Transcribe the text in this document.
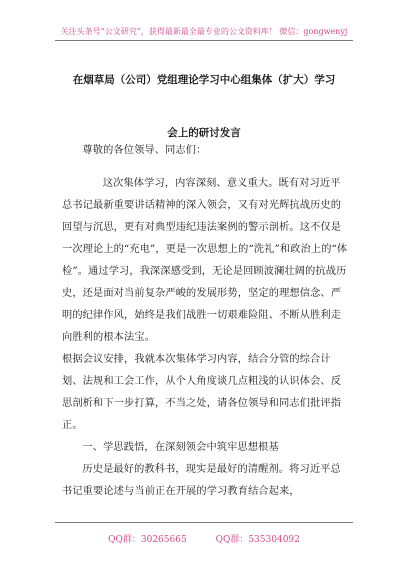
关注头条号“公文研究”，获得最新最全最专业的公文资料库！ 微信：gongwenyj
在烟草局（公司）党组理论学习中心组集体（扩大）学习
会上的研讨发言

尊敬的各位领导、同志们：

这次集体学习，内容深刻、意义重大。既有对习近平总书记最新重要讲话精神的深入领会，又有对光辉抗战历史的回望与沉思，更有对典型违纪违法案例的警示剖析。这不仅是一次理论上的“充电”，更是一次思想上的“洗礼”和政治上的“体检”。通过学习，我深深感受到，无论是回顾波澜壮阔的抗战历史，还是面对当前复杂严峻的发展形势，坚定的理想信念、严明的纪律作风，始终是我们战胜一切艰难险阻、不断从胜利走向胜利的根本法宝。

根据会议安排，我就本次集体学习内容，结合分管的综合计划、法规和工会工作，从个人角度谈几点粗浅的认识体会、反思剖析和下一步打算，不当之处，请各位领导和同志们批评指正。

一、学思践悟，在深刻领会中筑牢思想根基

历史是最好的教科书，现实是最好的清醒剂。将习近平总书记重要论述与当前正在开展的学习教育结合起来，

QQ群：30265665	QQ群：535304092
